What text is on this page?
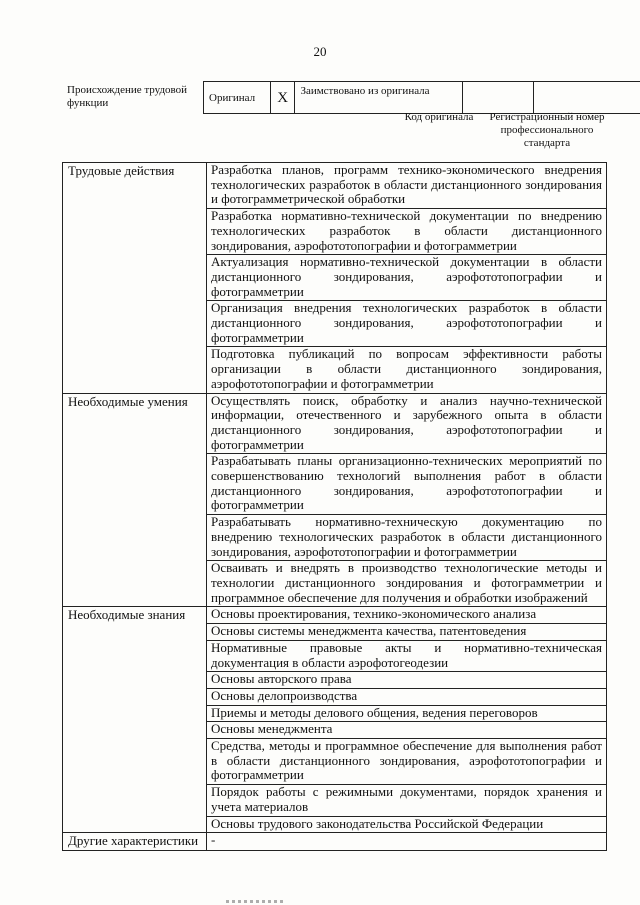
20
Происхождение трудовой функции	Оригинал	X	Заимствовано из оригинала		
Код оригинала	Регистрационный номер профессионального стандарта
Трудовые действия	Разработка планов, программ технико-экономического внедрения технологических разработок в области дистанционного зондирования и фотограмметрической обработки
	Разработка нормативно-технической документации по внедрению технологических разработок в области дистанционного зондирования, аэрофототопографии и фотограмметрии
	Актуализация нормативно-технической документации в области дистанционного зондирования, аэрофототопографии и фотограмметрии
	Организация внедрения технологических разработок в области дистанционного зондирования, аэрофототопографии и фотограмметрии
	Подготовка публикаций по вопросам эффективности работы организации в области дистанционного зондирования, аэрофототопографии и фотограмметрии
Необходимые умения	Осуществлять поиск, обработку и анализ научно-технической информации, отечественного и зарубежного опыта в области дистанционного зондирования, аэрофототопографии и фотограмметрии
	Разрабатывать планы организационно-технических мероприятий по совершенствованию технологий выполнения работ в области дистанционного зондирования, аэрофототопографии и фотограмметрии
	Разрабатывать нормативно-техническую документацию по внедрению технологических разработок в области дистанционного зондирования, аэрофототопографии и фотограмметрии
	Осваивать и внедрять в производство технологические методы и технологии дистанционного зондирования и фотограмметрии и программное обеспечение для получения и обработки изображений
Необходимые знания	Основы проектирования, технико-экономического анализа
	Основы системы менеджмента качества, патентоведения
	Нормативные правовые акты и нормативно-техническая документация в области аэрофотогеодезии
	Основы авторского права
	Основы делопроизводства
	Приемы и методы делового общения, ведения переговоров
	Основы менеджмента
	Средства, методы и программное обеспечение для выполнения работ в области дистанционного зондирования, аэрофототопографии и фотограмметрии
	Порядок работы с режимными документами, порядок хранения и учета материалов
	Основы трудового законодательства Российской Федерации
Другие характеристики	-
